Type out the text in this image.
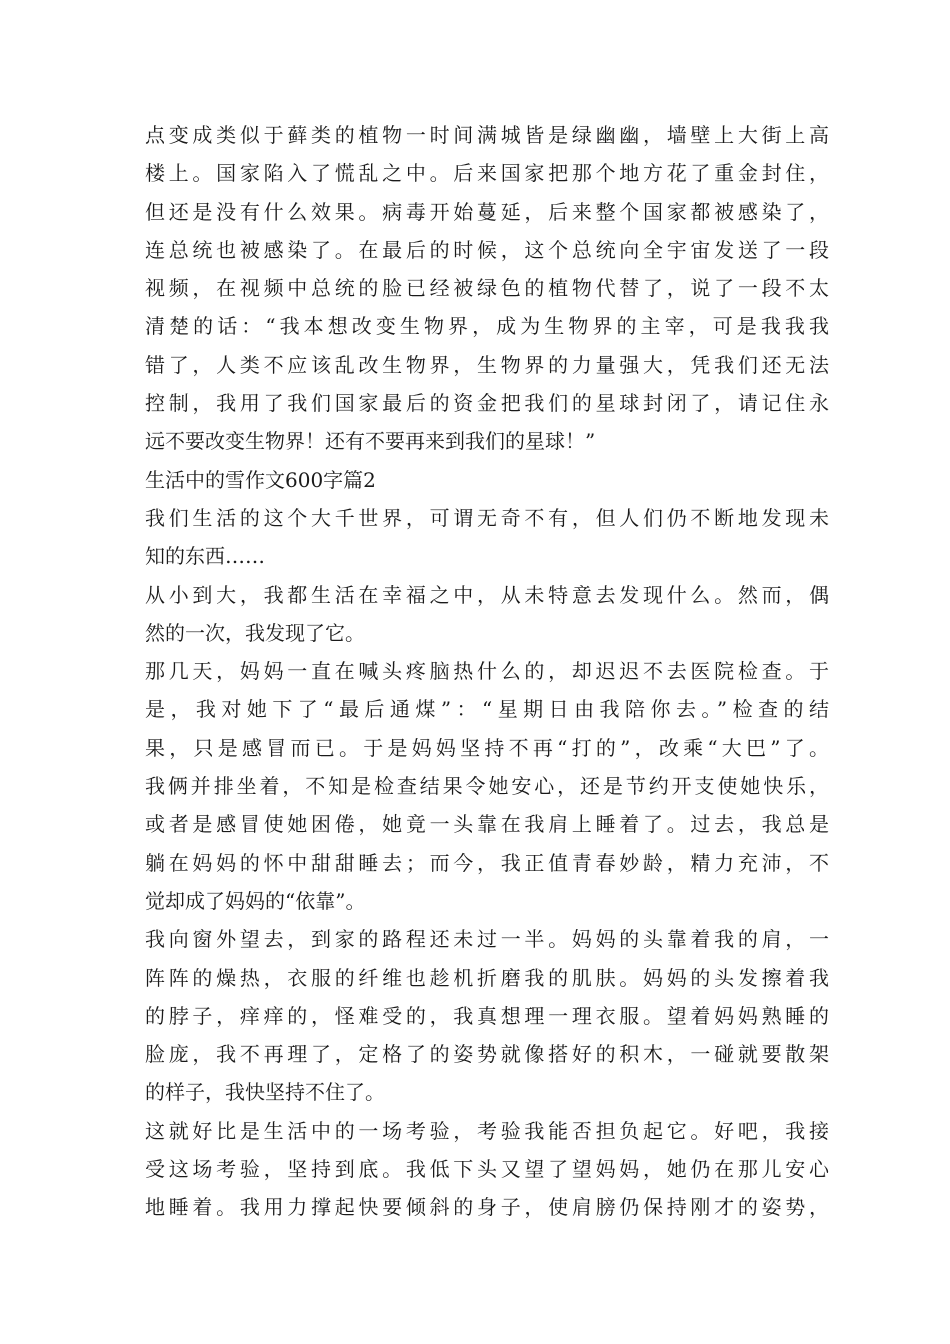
点变成类似于藓类的植物一时间满城皆是绿幽幽，墙壁上大街上高
楼上。国家陷入了慌乱之中。后来国家把那个地方花了重金封住，
但还是没有什么效果。病毒开始蔓延，后来整个国家都被感染了，
连总统也被感染了。在最后的时候，这个总统向全宇宙发送了一段
视频，在视频中总统的脸已经被绿色的植物代替了，说了一段不太
清楚的话：“我本想改变生物界，成为生物界的主宰，可是我我我
错了，人类不应该乱改生物界，生物界的力量强大，凭我们还无法
控制，我用了我们国家最后的资金把我们的星球封闭了，请记住永
远不要改变生物界！还有不要再来到我们的星球！”
生活中的雪作文600字篇2
我们生活的这个大千世界，可谓无奇不有，但人们仍不断地发现未
知的东西……
从小到大，我都生活在幸福之中，从未特意去发现什么。然而，偶
然的一次，我发现了它。
那几天，妈妈一直在喊头疼脑热什么的，却迟迟不去医院检查。于
是，我对她下了“最后通煤”：“星期日由我陪你去。”检查的结
果，只是感冒而已。于是妈妈坚持不再“打的”，改乘“大巴”了。
我俩并排坐着，不知是检查结果令她安心，还是节约开支使她快乐，
或者是感冒使她困倦，她竟一头靠在我肩上睡着了。过去，我总是
躺在妈妈的怀中甜甜睡去；而今，我正值青春妙龄，精力充沛，不
觉却成了妈妈的“依靠”。
我向窗外望去，到家的路程还未过一半。妈妈的头靠着我的肩，一
阵阵的燥热，衣服的纤维也趁机折磨我的肌肤。妈妈的头发擦着我
的脖子，痒痒的，怪难受的，我真想理一理衣服。望着妈妈熟睡的
脸庞，我不再理了，定格了的姿势就像搭好的积木，一碰就要散架
的样子，我快坚持不住了。
这就好比是生活中的一场考验，考验我能否担负起它。好吧，我接
受这场考验，坚持到底。我低下头又望了望妈妈，她仍在那儿安心
地睡着。我用力撑起快要倾斜的身子，使肩膀仍保持刚才的姿势，
